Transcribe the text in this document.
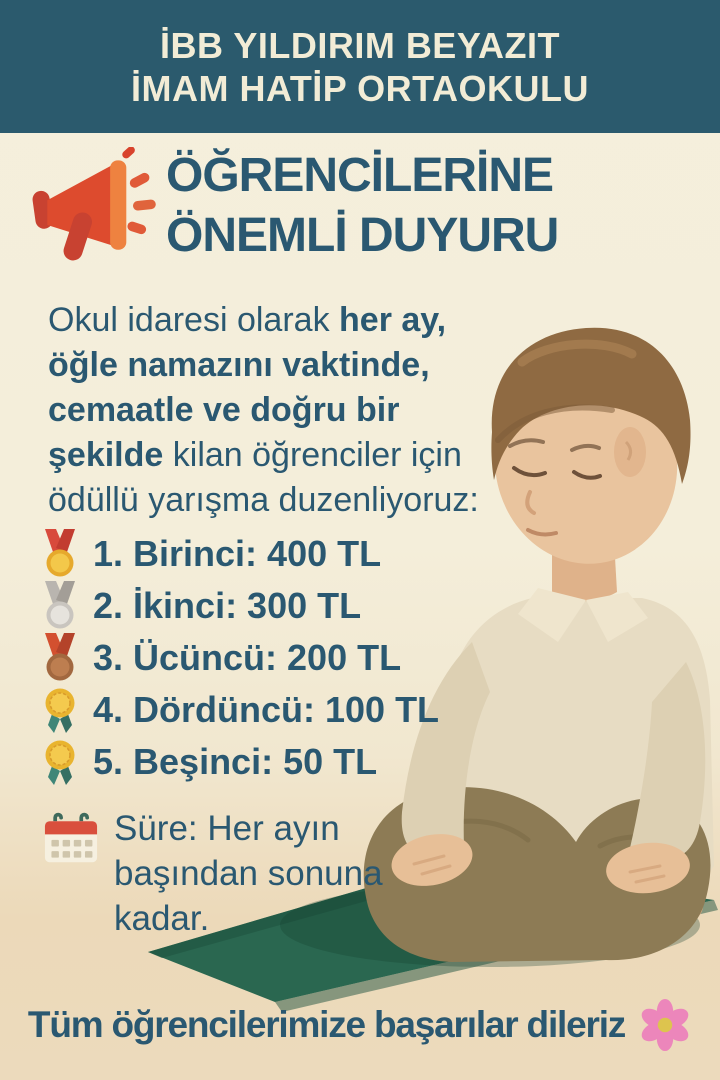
İBB YILDIRIM BEYAZIT
İMAM HATİP ORTAOKULU
ÖĞRENCİLERİNE
ÖNEMLİ DUYURU
Okul idaresi olarak her ay,
öğle namazını vaktinde,
cemaatle ve doğru bir
şekilde kilan öğrenciler için
ödüllü yarışma duzenliyoruz:
1. Birinci: 400 TL
2. İkinci: 300 TL
3. Ücüncü: 200 TL
4. Dördüncü: 100 TL
5. Beşinci: 50 TL
Süre: Her ayın
başından sonuna
kadar.
Tüm öğrencilerimize başarılar dileriz
